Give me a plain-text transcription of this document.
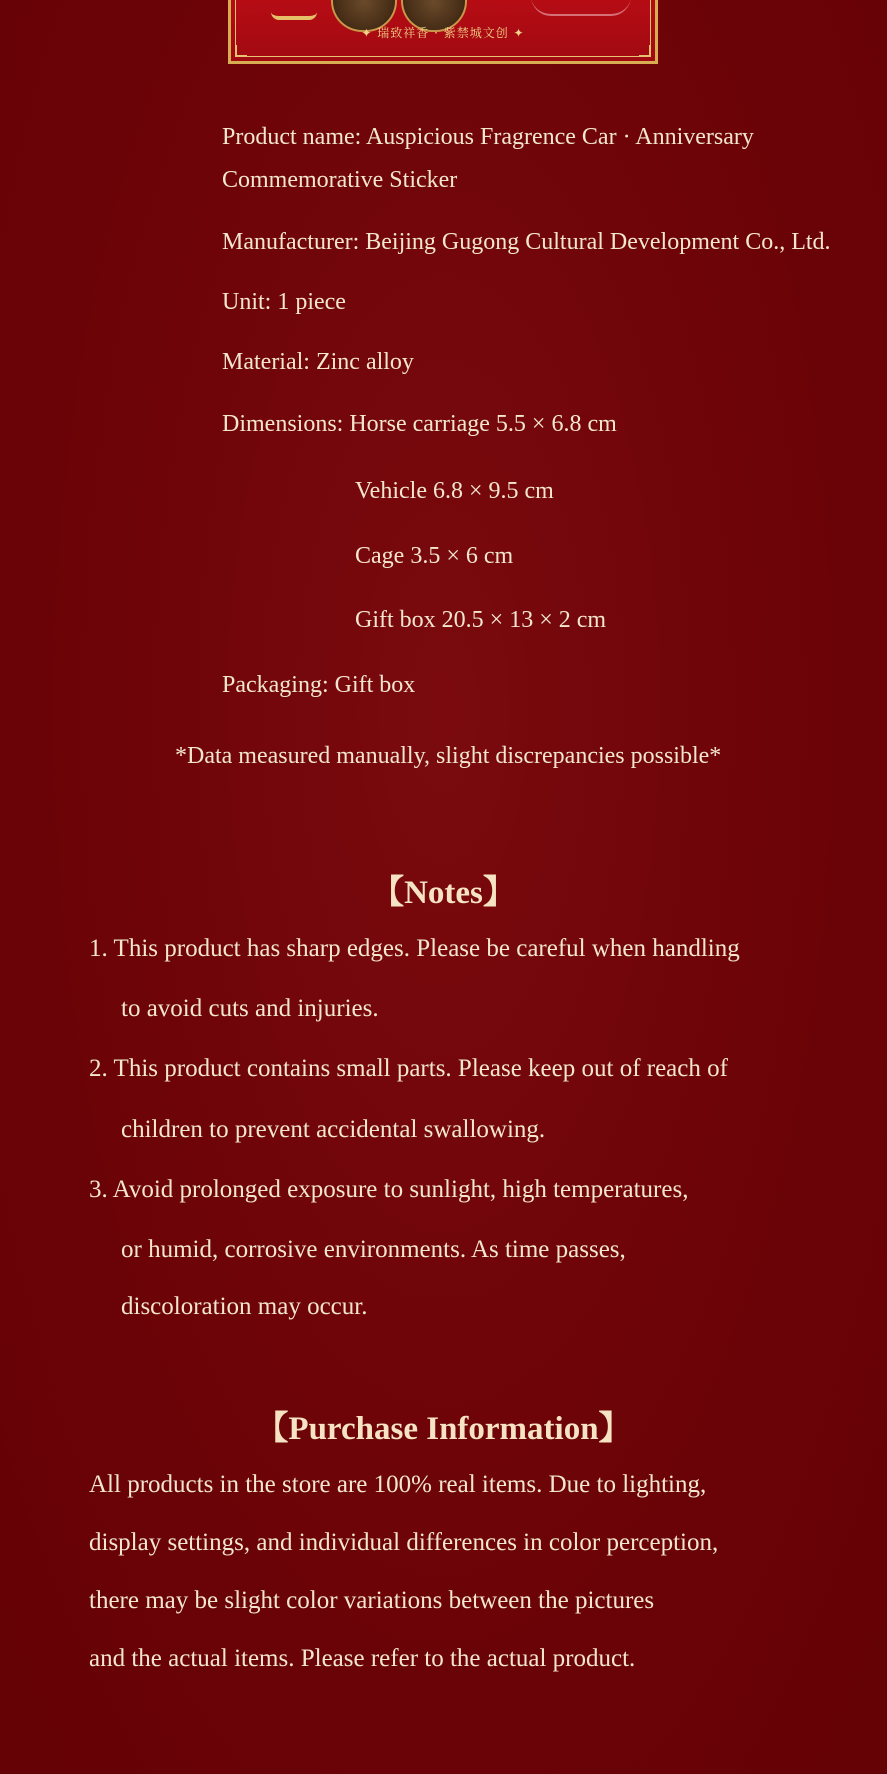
✦ 瑞致祥香 · 紫禁城文创 ✦
Product name: Auspicious Fragrence Car · Anniversary
Commemorative Sticker
Manufacturer: Beijing Gugong Cultural Development Co., Ltd.
Unit: 1 piece
Material: Zinc alloy
Dimensions: Horse carriage 5.5 × 6.8 cm
Vehicle 6.8 × 9.5 cm
Cage 3.5 × 6 cm
Gift box 20.5 × 13 × 2 cm
Packaging: Gift box
*Data measured manually, slight discrepancies possible*
【Notes】
1. This product has sharp edges. Please be careful when handling
to avoid cuts and injuries.
2. This product contains small parts. Please keep out of reach of
children to prevent accidental swallowing.
3. Avoid prolonged exposure to sunlight, high temperatures,
or humid, corrosive environments. As time passes,
discoloration may occur.
【Purchase Information】
All products in the store are 100% real items. Due to lighting,
display settings, and individual differences in color perception,
there may be slight color variations between the pictures
and the actual items. Please refer to the actual product.
